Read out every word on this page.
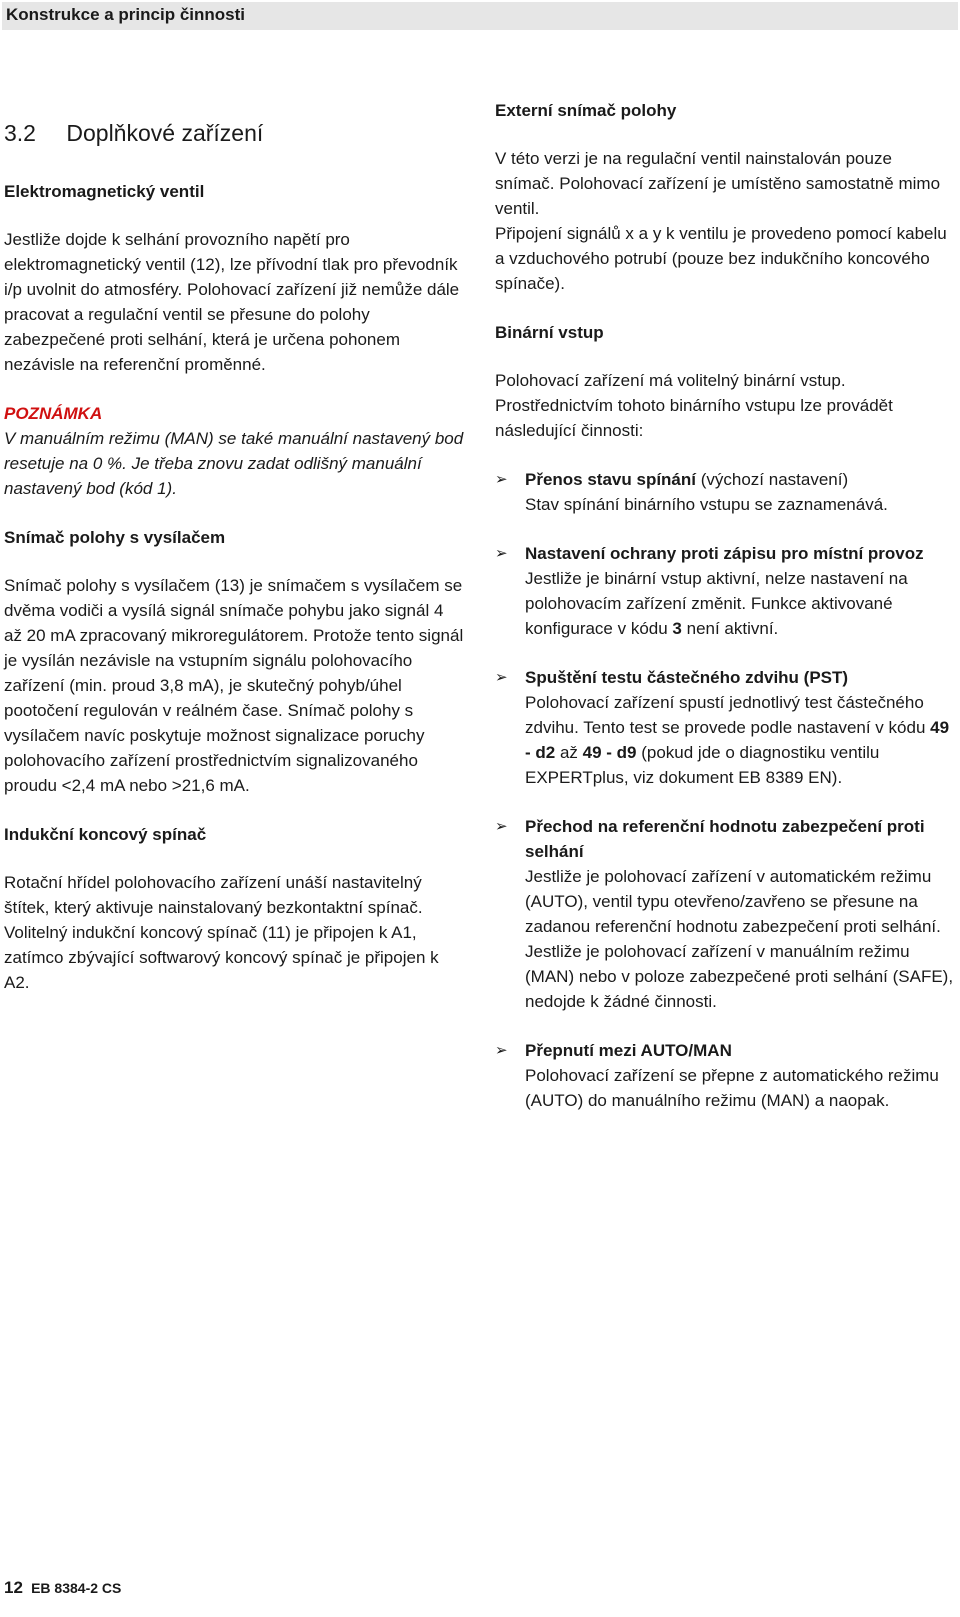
Konstrukce a princip činnosti
3.2 Doplňkové zařízení
Elektromagnetický ventil

Jestliže dojde k selhání provozního napětí pro elektromagnetický ventil (12), lze přívodní tlak pro převodník i/p uvolnit do atmosféry. Polohovací zařízení již nemůže dále pracovat a regulační ventil se přesune do polohy zabezpečené proti selhání, která je určena pohonem nezávisle na referenční proměnné.

POZNÁMKA
V manuálním režimu (MAN) se také manuální nastavený bod resetuje na 0 %. Je třeba znovu zadat odlišný manuální nastavený bod (kód 1).
Snímač polohy s vysílačem

Snímač polohy s vysílačem (13) je snímačem s vysílačem se dvěma vodiči a vysílá signál snímače pohybu jako signál 4 až 20 mA zpracovaný mikroregulátorem. Protože tento signál je vysílán nezávisle na vstupním signálu polohovacího zařízení (min. proud 3,8 mA), je skutečný pohyb/úhel pootočení regulován v reálném čase. Snímač polohy s vysílačem navíc poskytuje možnost signalizace poruchy polohovacího zařízení prostřednictvím signalizovaného proudu <2,4 mA nebo >21,6 mA.

Indukční koncový spínač

Rotační hřídel polohovacího zařízení unáší nastavitelný štítek, který aktivuje nainstalovaný bezkontaktní spínač. Volitelný indukční koncový spínač (11) je připojen k A1, zatímco zbývající softwarový koncový spínač je připojen k A2.

Externí snímač polohy

V této verzi je na regulační ventil nainstalován pouze snímač. Polohovací zařízení je umístěno samostatně mimo ventil.

Připojení signálů x a y k ventilu je provedeno pomocí kabelu a vzduchového potrubí (pouze bez indukčního koncového spínače).

Binární vstup

Polohovací zařízení má volitelný binární vstup.

Prostřednictvím tohoto binárního vstupu lze provádět následující činnosti:

➢ Přenos stavu spínání (výchozí nastavení)
Stav spínání binárního vstupu se zaznamenává.
➢ Nastavení ochrany proti zápisu pro místní provoz
Jestliže je binární vstup aktivní, nelze nastavení na polohovacím zařízení změnit. Funkce aktivované konfigurace v kódu 3 není aktivní.
➢ Spuštění testu částečného zdvihu (PST)
Polohovací zařízení spustí jednotlivý test částečného zdvihu. Tento test se provede podle nastavení v kódu 49 - d2 až 49 - d9 (pokud jde o diagnostiku ventilu EXPERTplus, viz dokument EB 8389 EN).
➢ Přechod na referenční hodnotu zabezpečení proti selhání
Jestliže je polohovací zařízení v automatickém režimu (AUTO), ventil typu otevřeno/zavřeno se přesune na zadanou referenční hodnotu zabezpečení proti selhání.
Jestliže je polohovací zařízení v manuálním režimu (MAN) nebo v poloze zabezpečené proti selhání (SAFE), nedojde k žádné činnosti.
➢ Přepnutí mezi AUTO/MAN
Polohovací zařízení se přepne z automatického režimu (AUTO) do manuálního režimu (MAN) a naopak.
12 EB 8384-2 CS
